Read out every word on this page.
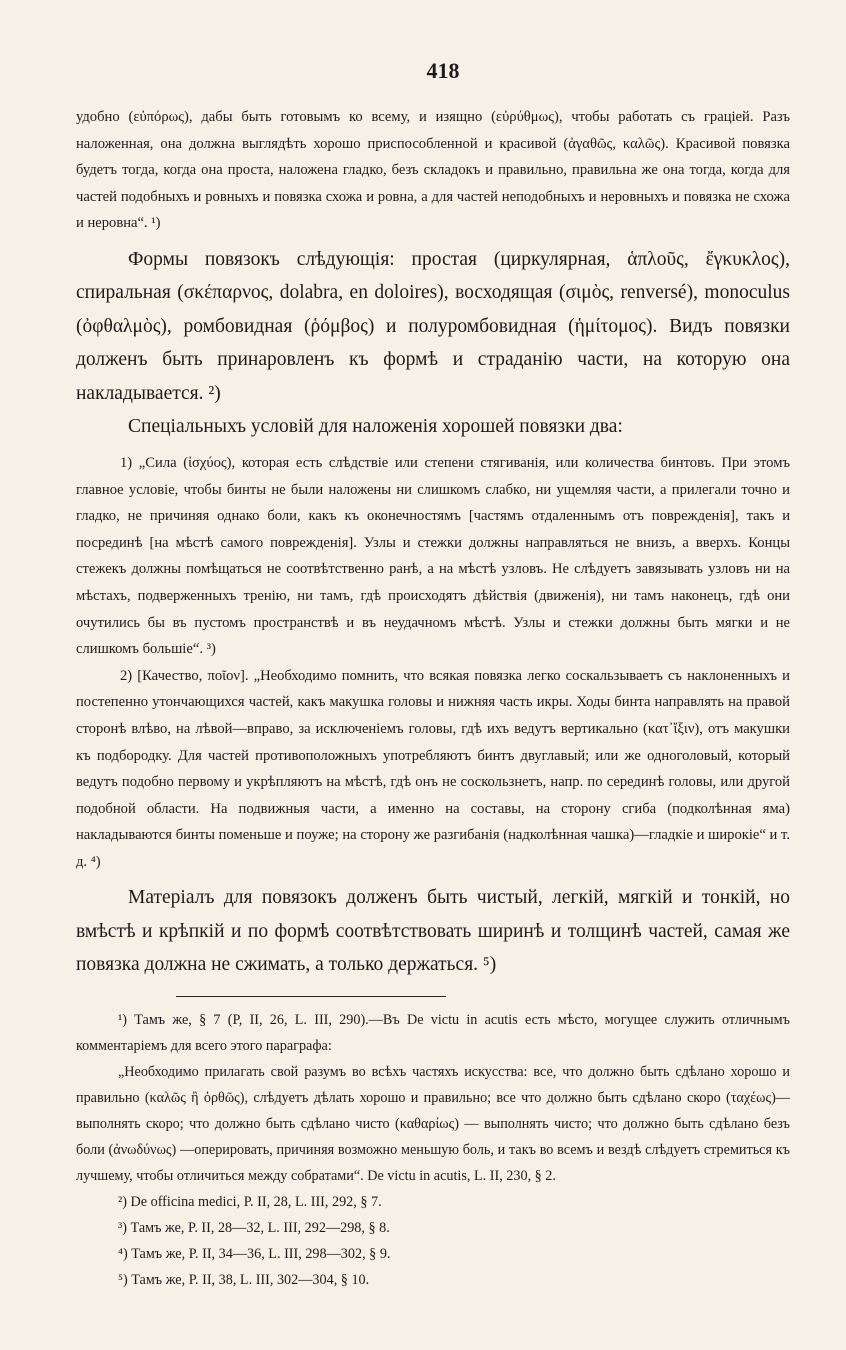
418

удобно (εὐπόρως), дабы быть готовымъ ко всему, и изящно (εὐρύθμως), чтобы работать съ граціей. Разъ наложенная, она должна выглядѣть хорошо приспособленной и красивой (ἀγαθῶς, καλῶς). Красивой повязка будетъ тогда, когда она проста, наложена гладко, безъ складокъ и правильно, правильна же она тогда, когда для частей подобныхъ и ровныхъ и повязка схожа и ровна, а для частей неподобныхъ и неровныхъ и повязка не схожа и неровна“. ¹)

Формы повязокъ слѣдующія: простая (циркулярная, ἁπλοῦς, ἔγκυκλος), спиральная (σκέπαρνος, dolabra, en doloires), восходящая (σιμὸς, renversé), monoculus (ὀφθαλμὸς), ромбовидная (ῥόμβος) и полуромбовидная (ἡμίτομος). Видъ повязки долженъ быть принаровленъ къ формѣ и страданію части, на которую она накладывается. ²)

Спеціальныхъ условій для наложенія хорошей повязки два:

1) „Сила (ἰσχύος), которая есть слѣдствіе или степени стягиванія, или количества бинтовъ. При этомъ главное условіе, чтобы бинты не были наложены ни слишкомъ слабко, ни ущемляя части, а прилегали точно и гладко, не причиняя однако боли, какъ къ оконечностямъ [частямъ отдаленнымъ отъ поврежденія], такъ и посрединѣ [на мѣстѣ самого поврежденія]. Узлы и стежки должны направляться не внизъ, а вверхъ. Концы стежекъ должны помѣщаться не соотвѣтственно ранѣ, а на мѣстѣ узловъ. Не слѣдуетъ завязывать узловъ ни на мѣстахъ, подверженныхъ тренію, ни тамъ, гдѣ происходятъ дѣйствія (движенія), ни тамъ наконецъ, гдѣ они очутились бы въ пустомъ пространствѣ и въ неудачномъ мѣстѣ. Узлы и стежки должны быть мягки и не слишкомъ большіе“. ³)

2) [Качество, ποῖον]. „Необходимо помнить, что всякая повязка легко соскальзываетъ съ наклоненныхъ и постепенно утончающихся частей, какъ макушка головы и нижняя часть икры. Ходы бинта направлять на правой сторонѣ влѣво, на лѣвой—вправо, за исключеніемъ головы, гдѣ ихъ ведутъ вертикально (κατ᾽ἴξιν), отъ макушки къ подбородку. Для частей противоположныхъ употребляютъ бинтъ двуглавый; или же одноголовый, который ведутъ подобно первому и укрѣпляютъ на мѣстѣ, гдѣ онъ не соскользнетъ, напр. по серединѣ головы, или другой подобной области. На подвижныя части, а именно на составы, на сторону сгиба (подколѣнная яма) накладываются бинты поменьше и поуже; на сторону же разгибанія (надколѣнная чашка)—гладкіе и широкіе“ и т. д. ⁴)

Матеріалъ для повязокъ долженъ быть чистый, легкій, мягкій и тонкій, но вмѣстѣ и крѣпкій и по формѣ соотвѣтствовать ширинѣ и толщинѣ частей, самая же повязка должна не сжимать, а только держаться. ⁵)

¹) Тамъ же, § 7 (P, II, 26, L. III, 290).—Въ De victu in acutis есть мѣсто, могущее служить отличнымъ комментаріемъ для всего этого параграфа:

„Необходимо прилагать свой разумъ во всѣхъ частяхъ искусства: все, что должно быть сдѣлано хорошо и правильно (καλῶς ἢ ὀρθῶς), слѣдуетъ дѣлать хорошо и правильно; все что должно быть сдѣлано скоро (ταχέως)—выполнять скоро; что должно быть сдѣлано чисто (καθαρίως) — выполнять чисто; что должно быть сдѣлано безъ боли (ἀνωδύνως) —оперировать, причиняя возможно меньшую боль, и такъ во всемъ и вездѣ слѣдуетъ стремиться къ лучшему, чтобы отличиться между собратами“. De victu in acutis, L. II, 230, § 2.

²) De officina medici, P. II, 28, L. III, 292, § 7.

³) Тамъ же, P. II, 28—32, L. III, 292—298, § 8.

⁴) Тамъ же, P. II, 34—36, L. III, 298—302, § 9.

⁵) Тамъ же, P. II, 38, L. III, 302—304, § 10.
